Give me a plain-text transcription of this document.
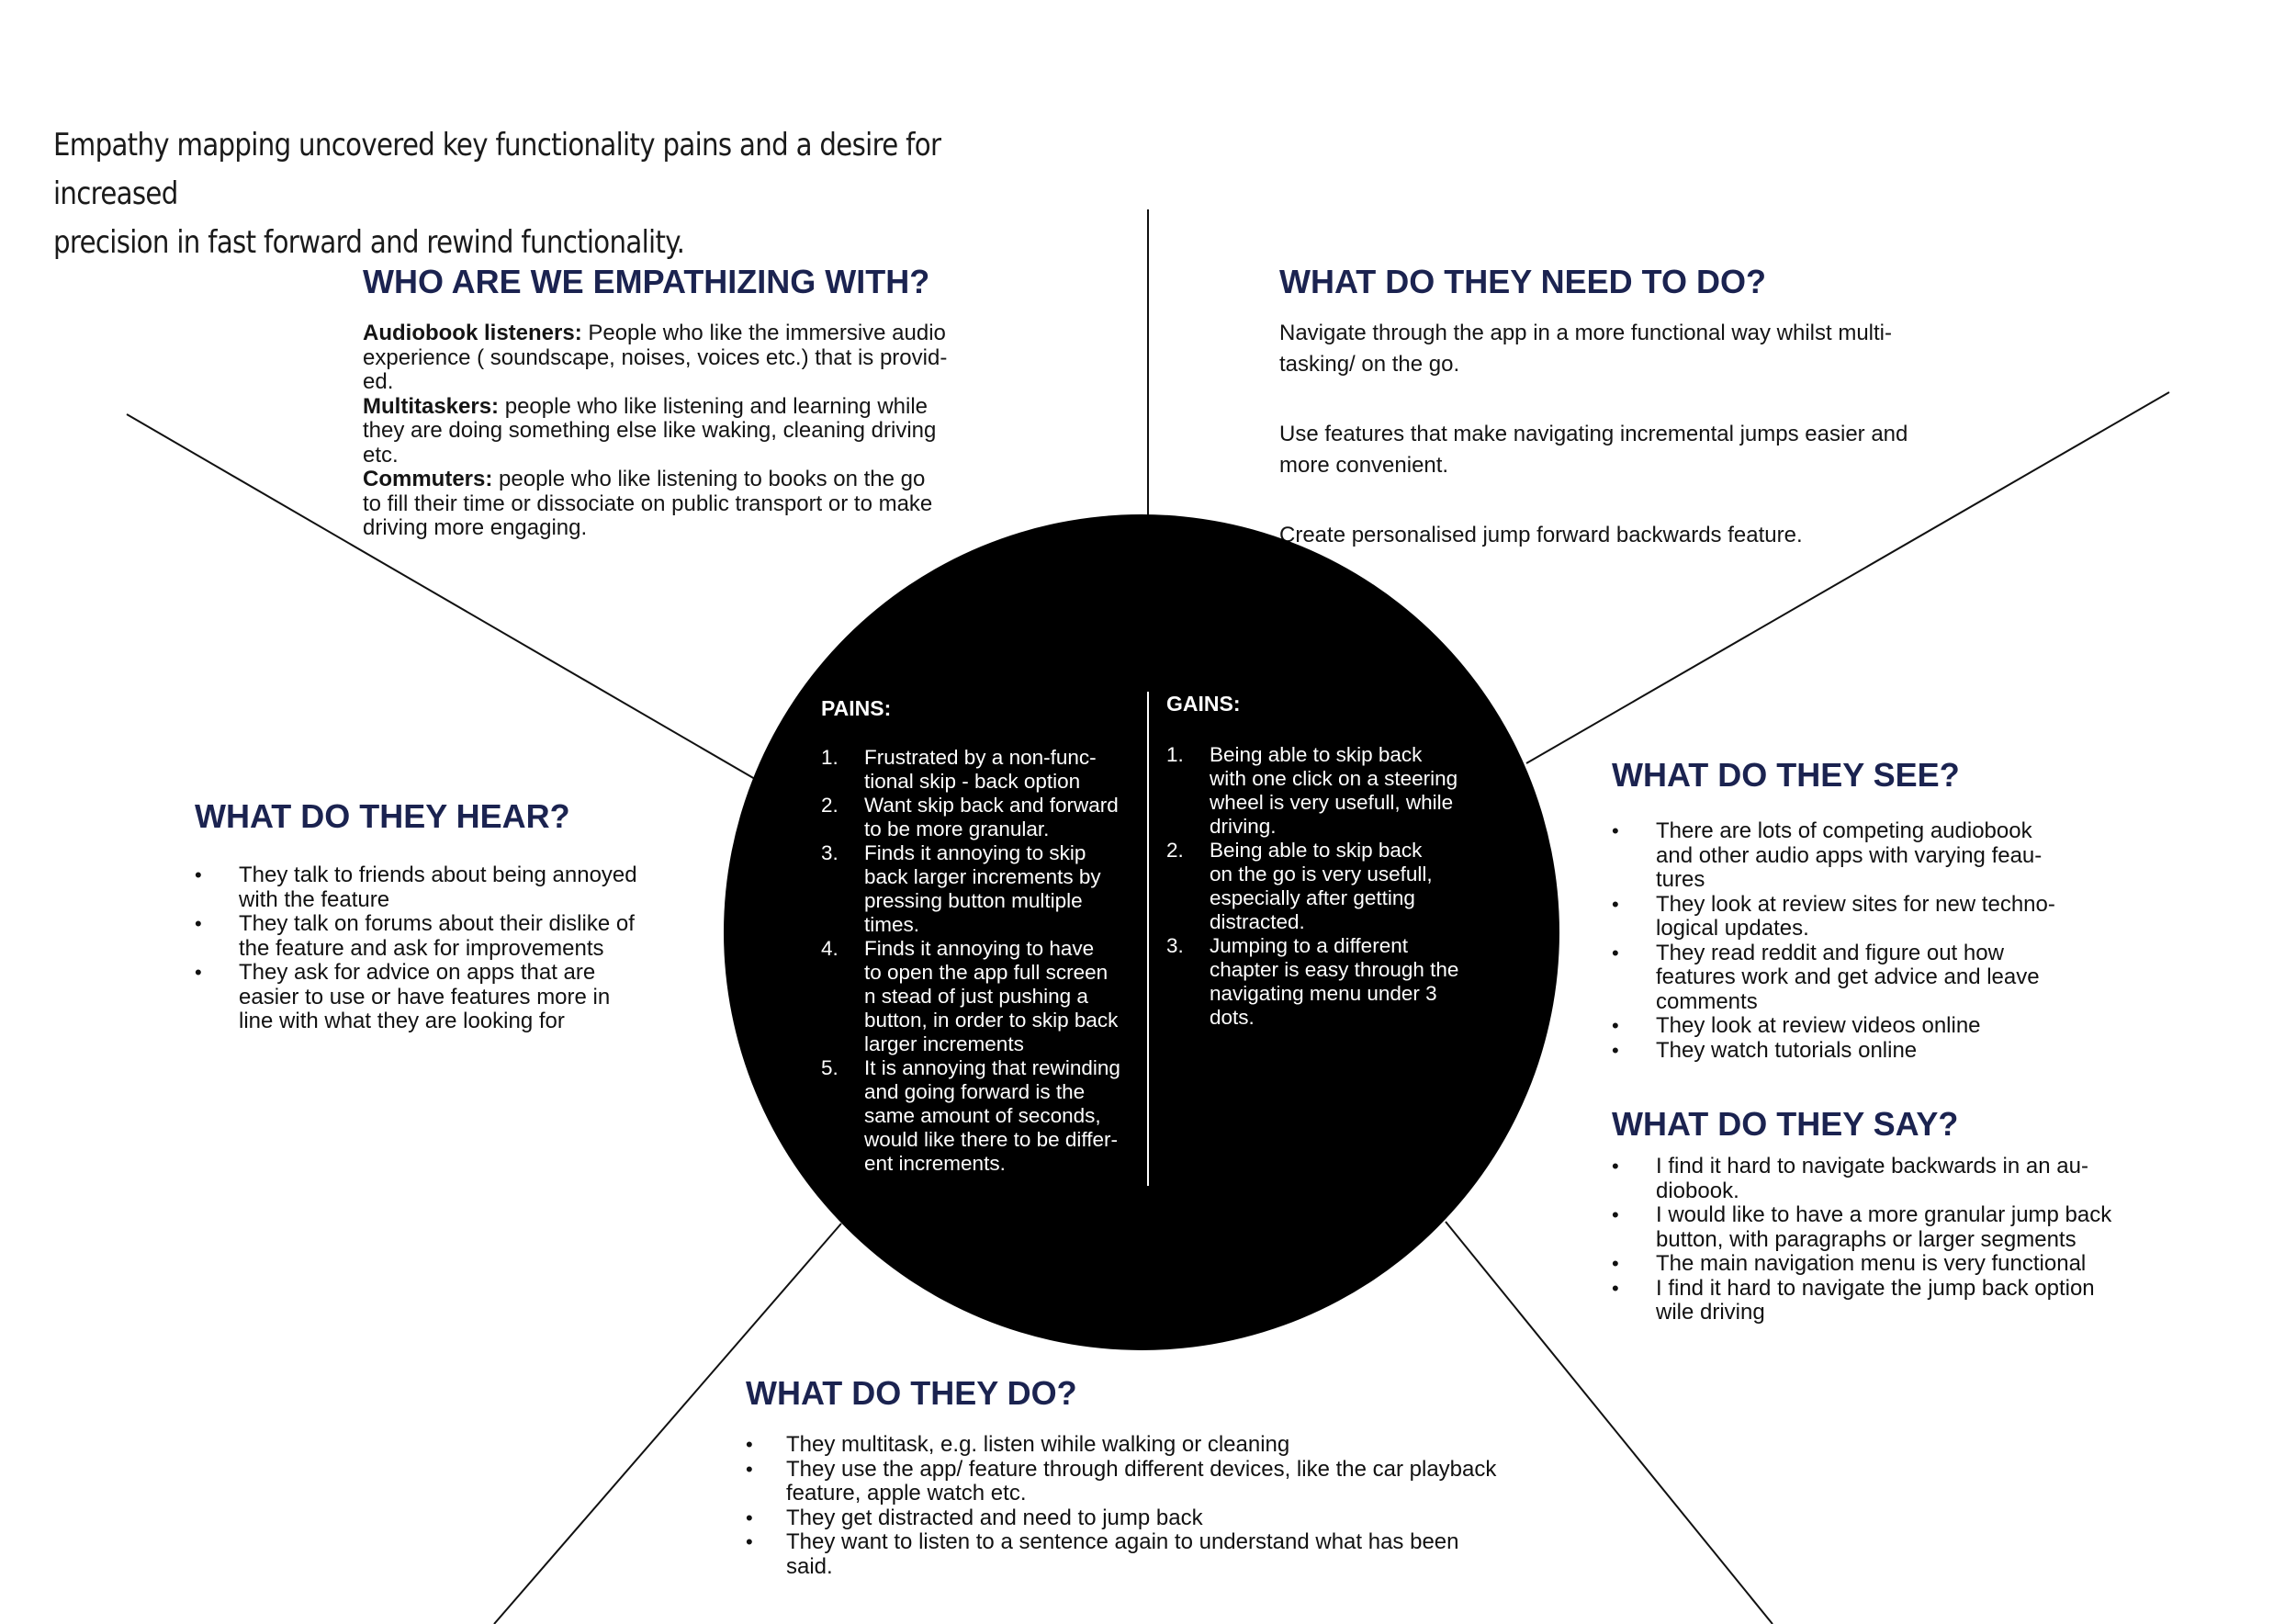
Empathy mapping uncovered key functionality pains and a desire for increased

precision in fast forward and rewind functionality.

WHO ARE WE EMPATHIZING WITH?

Audiobook listeners: People who like the immersive audio
experience ( soundscape, noises, voices etc.) that is provid-
ed.

Multitaskers: people who like listening and learning while
they are doing something else like waking, cleaning driving
etc.

Commuters: people who like listening to books on the go
to fill their time or dissociate on public transport or to make
driving more engaging.

WHAT DO THEY NEED TO DO?

Navigate through the app in a more functional way whilst multi-
tasking/ on the go.

Use features that make navigating incremental jumps easier and
more convenient.

Create personalised jump forward backwards feature.

WHAT DO THEY HEAR?
• They talk to friends about being annoyed
with the feature
• They talk on forums about their dislike of
the feature and ask for improvements
• They ask for advice on apps that are
easier to use or have features more in
line with what they are looking for
WHAT DO THEY SEE?
• There are lots of competing audiobook
and other audio apps with varying feau-
tures
• They look at review sites for new techno-
logical updates.
• They read reddit and figure out how
features work and get advice and leave
comments
• They look at review videos online
• They watch tutorials online
WHAT DO THEY SAY?
• I find it hard to navigate backwards in an au-
diobook.
• I would like to have a more granular jump back
button, with paragraphs or larger segments
• The main navigation menu is very functional
• I find it hard to navigate the jump back option
wile driving
WHAT DO THEY DO?
• They multitask, e.g. listen wihile walking or cleaning
• They use the app/ feature through different devices, like the car playback
feature, apple watch etc.
• They get distracted and need to jump back
• They want to listen to a sentence again to understand what has been
said.
PAINS:
1. Frustrated by a non-func-
tional skip - back option
2. Want skip back and forward
to be more granular.
3. Finds it annoying to skip
back larger increments by
pressing button multiple
times.
4. Finds it annoying to have
to open the app full screen
n stead of just pushing a
button, in order to skip back
larger increments
5. It is annoying that rewinding
and going forward is the
same amount of seconds,
would like there to be differ-
ent increments.
GAINS:
1. Being able to skip back
with one click on a steering
wheel is very usefull, while
driving.
2. Being able to skip back
on the go is very usefull,
especially after getting
distracted.
3. Jumping to a different
chapter is easy through the
navigating menu under 3
dots.
